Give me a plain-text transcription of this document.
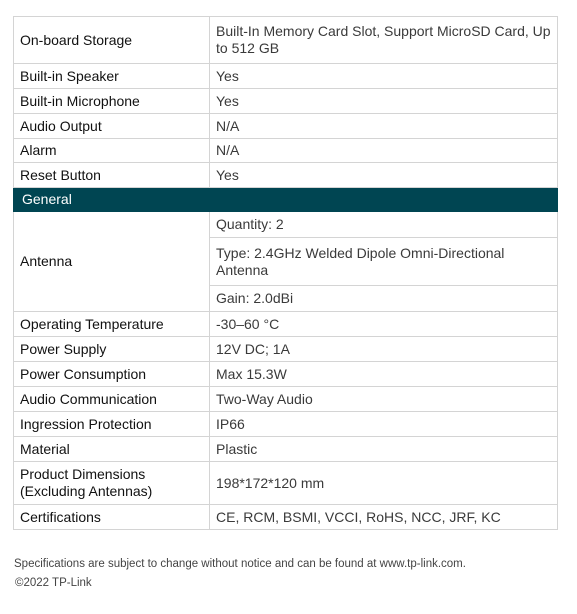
On-board Storage	Built-In Memory Card Slot, Support MicroSD Card, Up to 512 GB
Built-in Speaker	Yes
Built-in Microphone	Yes
Audio Output	N/A
Alarm	N/A
Reset Button	Yes
General	
Antenna	Quantity: 2
	Type: 2.4GHz Welded Dipole Omni-Directional Antenna
	Gain: 2.0dBi
Operating Temperature	-30–60 °C
Power Supply	12V DC; 1A
Power Consumption	Max 15.3W
Audio Communication	Two-Way Audio
Ingression Protection	IP66
Material	Plastic
Product Dimensions (Excluding Antennas)	198*172*120 mm
Certifications	CE, RCM, BSMI, VCCI, RoHS, NCC, JRF, KC
Specifications are subject to change without notice and can be found at www.tp-link.com.
©2022 TP-Link
